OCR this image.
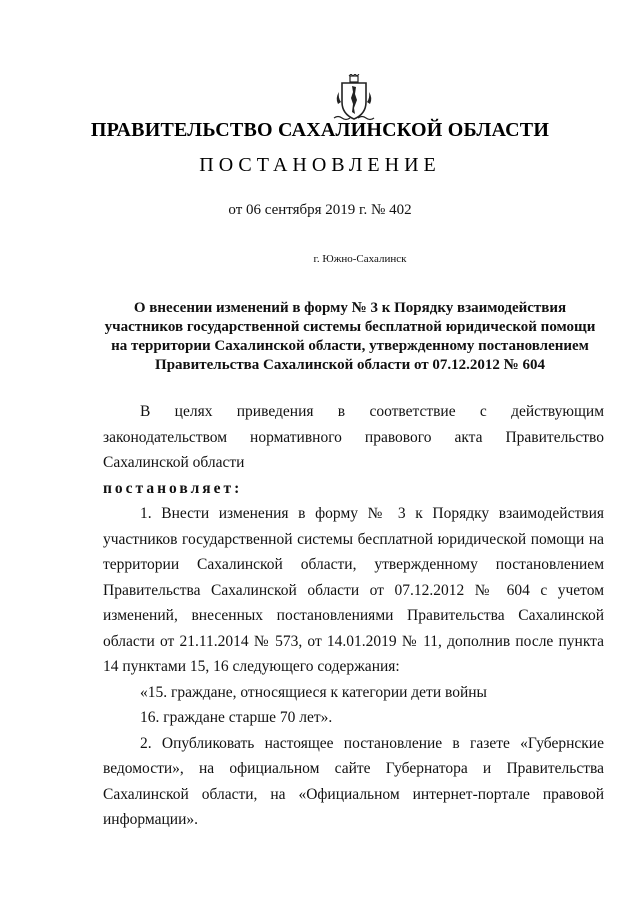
ПРАВИТЕЛЬСТВО САХАЛИНСКОЙ ОБЛАСТИ
ПОСТАНОВЛЕНИЕ
от 06 сентября 2019 г. № 402
г. Южно-Сахалинск
О внесении изменений в форму № 3 к Порядку взаимодействия
участников государственной системы бесплатной юридической помощи
на территории Сахалинской области, утвержденному постановлением
Правительства Сахалинской области от 07.12.2012 № 604

В целях приведения в соответствие с действующим законодательством нормативного правового акта Правительство Сахалинской области

постановляет:

1. Внести изменения в форму № 3 к Порядку взаимодействия участников государственной системы бесплатной юридической помощи на территории Сахалинской области, утвержденному постановлением Правительства Сахалинской области от 07.12.2012 № 604 с учетом изменений, внесенных постановлениями Правительства Сахалинской области от 21.11.2014 № 573, от 14.01.2019 № 11, дополнив после пункта 14 пунктами 15, 16 следующего содержания:

«15. граждане, относящиеся к категории дети войны

16. граждане старше 70 лет».

2. Опубликовать настоящее постановление в газете «Губернские ведомости», на официальном сайте Губернатора и Правительства Сахалинской области, на «Официальном интернет-портале правовой информации».
